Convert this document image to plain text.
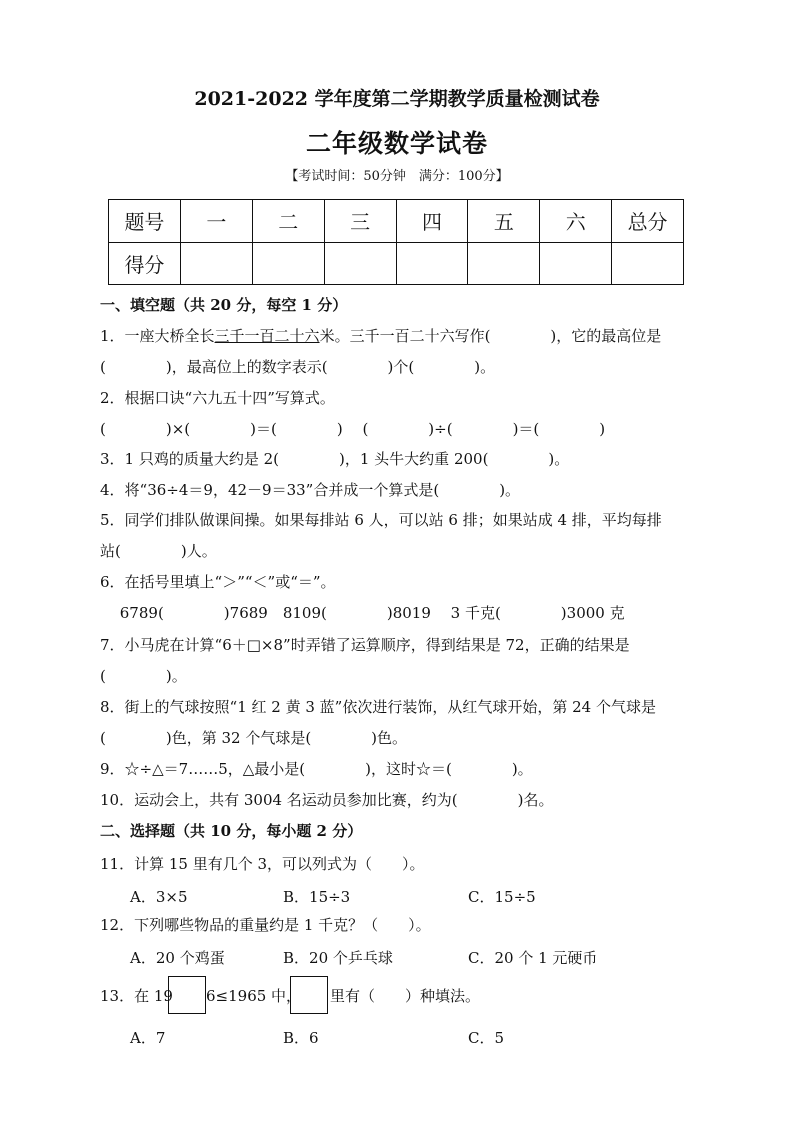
2021-2022 学年度第二学期教学质量检测试卷
二年级数学试卷
【考试时间：50分钟　满分：100分】
题号	一	二	三	四	五	六	总分
得分							
一、填空题（共 20 分，每空 1 分）
1．一座大桥全长三千一百二十六米。三千一百二十六写作(　　　　)，它的最高位是
(　　　　)，最高位上的数字表示(　　　　)个(　　　　)。
2．根据口诀“六九五十四”写算式。
(　　　　)×(　　　　)＝(　　　　)　 (　　　　)÷(　　　　)＝(　　　　)
3．1 只鸡的质量大约是 2(　　　　)，1 头牛大约重 200(　　　　)。
4．将“36÷4＝9，42－9＝33”合并成一个算式是(　　　　)。
5．同学们排队做课间操。如果每排站 6 人，可以站 6 排；如果站成 4 排，平均每排
站(　　　　)人。
6．在括号里填上“＞”“＜”或“＝”。
　 6789(　　　　)7689　8109(　　　　)8019　 3 千克(　　　　)3000 克
7．小马虎在计算“6＋□×8”时弄错了运算顺序，得到结果是 72，正确的结果是
(　　　　)。
8．街上的气球按照“1 红 2 黄 3 蓝”依次进行装饰，从红气球开始，第 24 个气球是
(　　　　)色，第 32 个气球是(　　　　)色。
9．☆÷△＝7……5，△最小是(　　　　)，这时☆＝(　　　　)。
10．运动会上，共有 3004 名运动员参加比赛，约为(　　　　)名。
二、选择题（共 10 分，每小题 2 分）
11．计算 15 里有几个 3，可以列式为（　　）。
A．3×5	B．15÷3	C．15÷5
12．下列哪些物品的重量约是 1 千克？（　　）。
A．20 个鸡蛋	B．20 个乒乓球	C．20 个 1 元硬币
13．在 19	6≤1965 中，	里有（　　）种填法。
A．7	B．6	C．5
